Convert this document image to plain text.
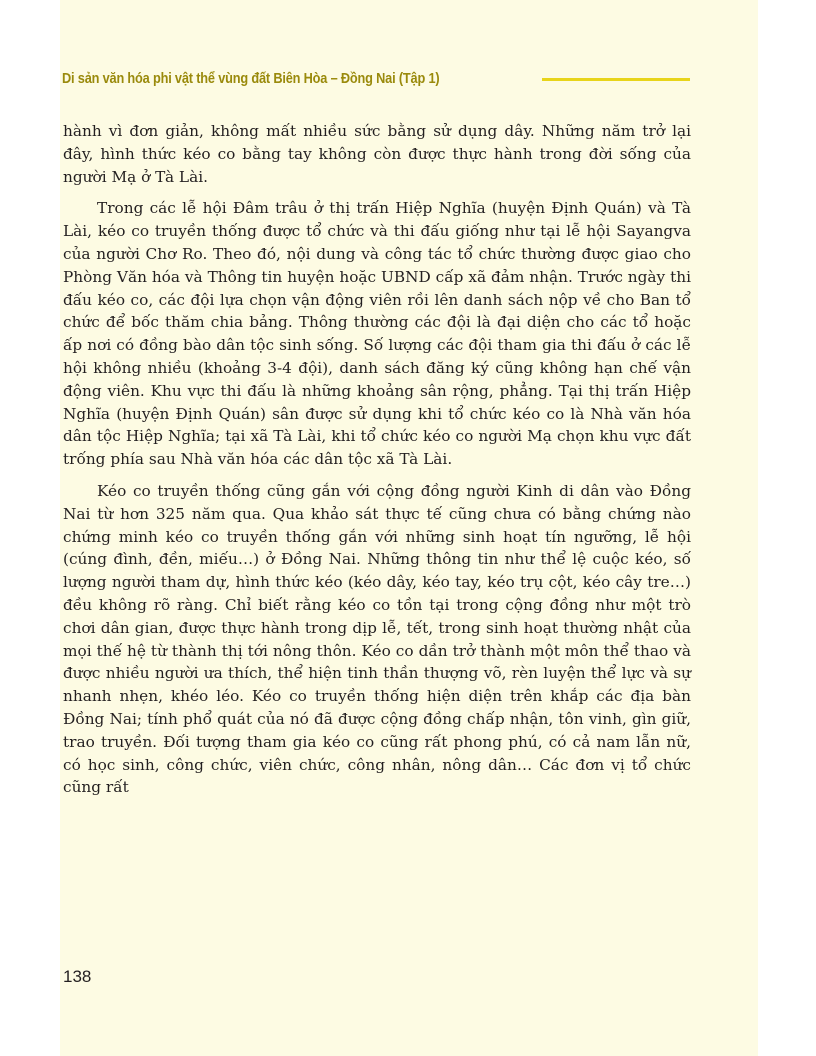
Di sản văn hóa phi vật thể vùng đất Biên Hòa – Đồng Nai (Tập 1)

hành vì đơn giản, không mất nhiều sức bằng sử dụng dây. Những năm trở lại đây, hình thức kéo co bằng tay không còn được thực hành trong đời sống của người Mạ ở Tà Lài.

Trong các lễ hội Đâm trâu ở thị trấn Hiệp Nghĩa (huyện Định Quán) và Tà Lài, kéo co truyền thống được tổ chức và thi đấu giống như tại lễ hội Sayangva của người Chơ Ro. Theo đó, nội dung và công tác tổ chức thường được giao cho Phòng Văn hóa và Thông tin huyện hoặc UBND cấp xã đảm nhận. Trước ngày thi đấu kéo co, các đội lựa chọn vận động viên rồi lên danh sách nộp về cho Ban tổ chức để bốc thăm chia bảng. Thông thường các đội là đại diện cho các tổ hoặc ấp nơi có đồng bào dân tộc sinh sống. Số lượng các đội tham gia thi đấu ở các lễ hội không nhiều (khoảng 3-4 đội), danh sách đăng ký cũng không hạn chế vận động viên. Khu vực thi đấu là những khoảng sân rộng, phẳng. Tại thị trấn Hiệp Nghĩa (huyện Định Quán) sân được sử dụng khi tổ chức kéo co là Nhà văn hóa dân tộc Hiệp Nghĩa; tại xã Tà Lài, khi tổ chức kéo co người Mạ chọn khu vực đất trống phía sau Nhà văn hóa các dân tộc xã Tà Lài.

Kéo co truyền thống cũng gắn với cộng đồng người Kinh di dân vào Đồng Nai từ hơn 325 năm qua. Qua khảo sát thực tế cũng chưa có bằng chứng nào chứng minh kéo co truyền thống gắn với những sinh hoạt tín ngưỡng, lễ hội (cúng đình, đền, miếu…) ở Đồng Nai. Những thông tin như thể lệ cuộc kéo, số lượng người tham dự, hình thức kéo (kéo dây, kéo tay, kéo trụ cột, kéo cây tre…) đều không rõ ràng. Chỉ biết rằng kéo co tồn tại trong cộng đồng như một trò chơi dân gian, được thực hành trong dịp lễ, tết, trong sinh hoạt thường nhật của mọi thế hệ từ thành thị tới nông thôn. Kéo co dần trở thành một môn thể thao và được nhiều người ưa thích, thể hiện tinh thần thượng võ, rèn luyện thể lực và sự nhanh nhẹn, khéo léo. Kéo co truyền thống hiện diện trên khắp các địa bàn Đồng Nai; tính phổ quát của nó đã được cộng đồng chấp nhận, tôn vinh, gìn giữ, trao truyền. Đối tượng tham gia kéo co cũng rất phong phú, có cả nam lẫn nữ, có học sinh, công chức, viên chức, công nhân, nông dân… Các đơn vị tổ chức cũng rất

138
